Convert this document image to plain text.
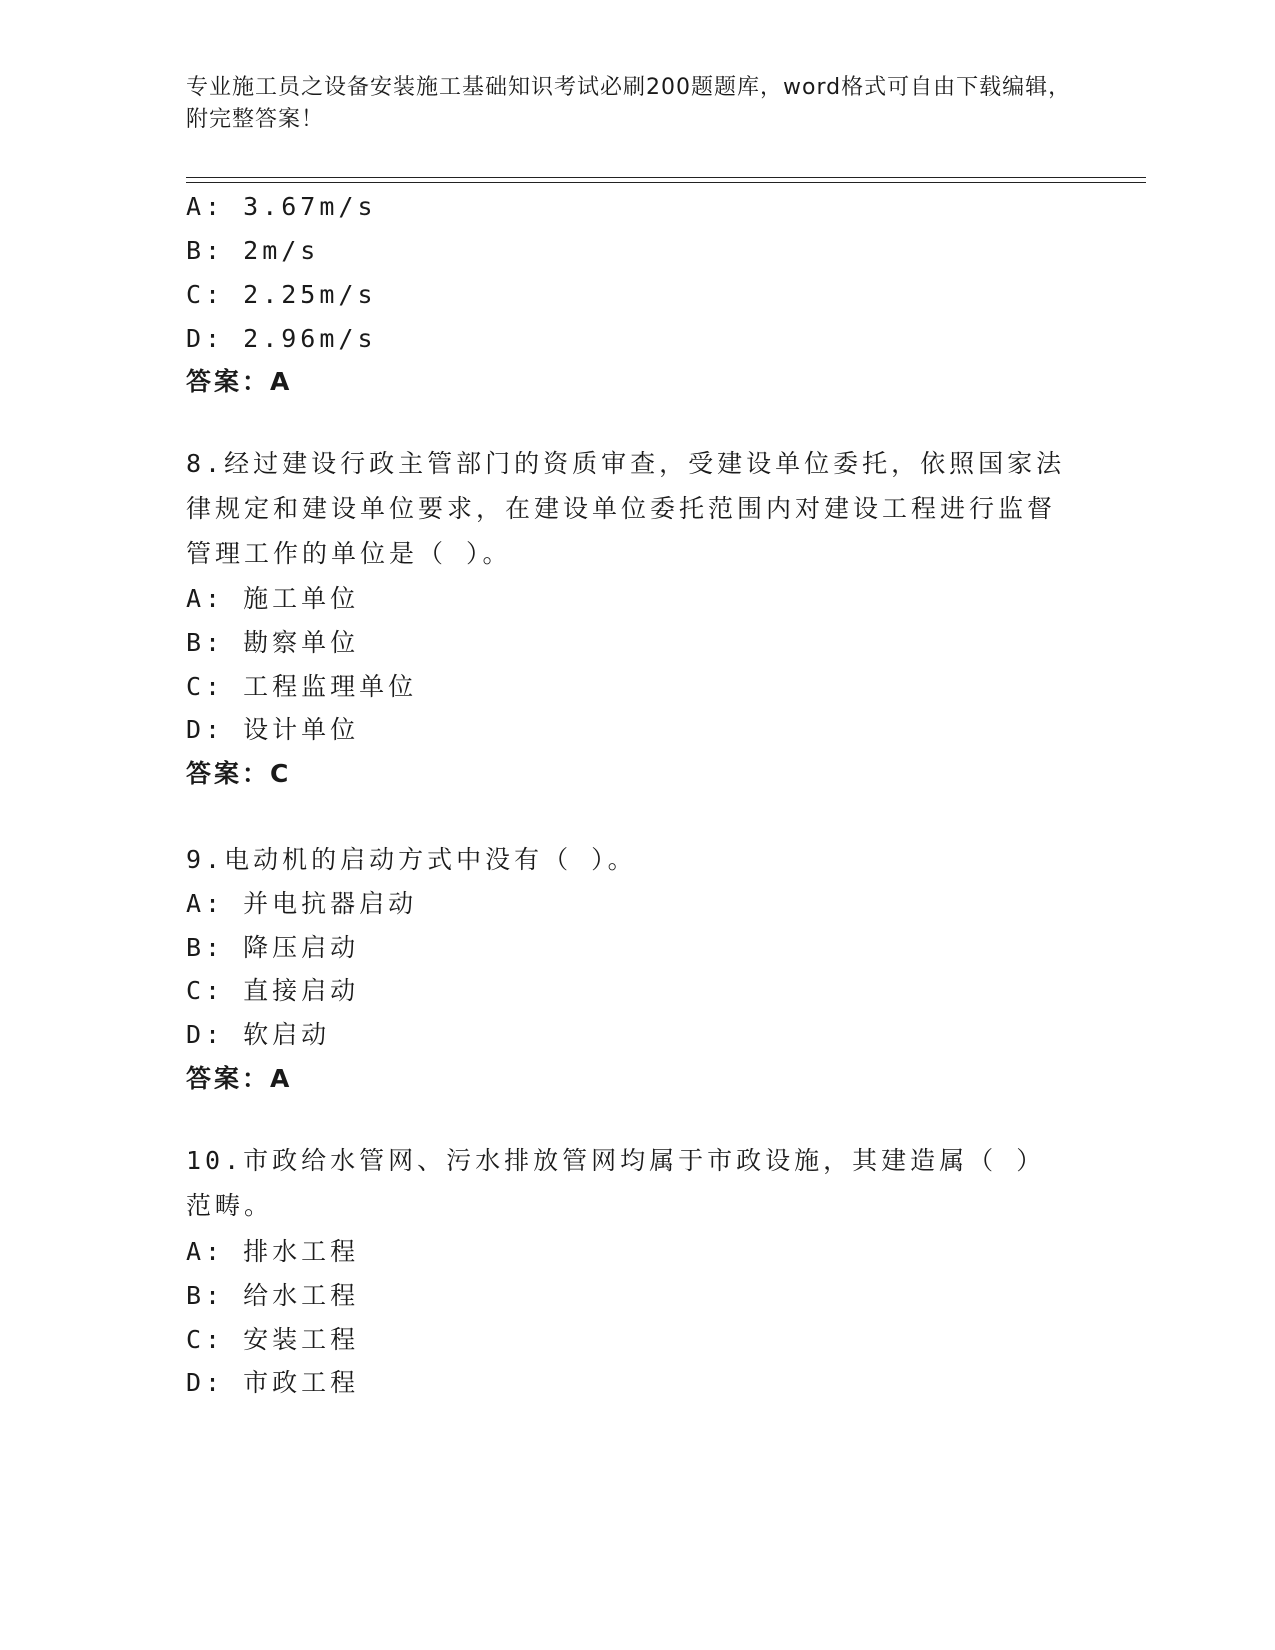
专业施工员之设备安装施工基础知识考试必刷200题题库，word格式可自由下载编辑，附完整答案！
A: 3.67m/s
B: 2m/s
C: 2.25m/s
D: 2.96m/s
答案：A
8.经过建设行政主管部门的资质审查，受建设单位委托，依照国家法律规定和建设单位要求，在建设单位委托范围内对建设工程进行监督管理工作的单位是（ ）。
A: 施工单位
B: 勘察单位
C: 工程监理单位
D: 设计单位
答案：C
9.电动机的启动方式中没有（ ）。
A: 并电抗器启动
B: 降压启动
C: 直接启动
D: 软启动
答案：A
10.市政给水管网、污水排放管网均属于市政设施，其建造属（ ）范畴。
A: 排水工程
B: 给水工程
C: 安装工程
D: 市政工程
